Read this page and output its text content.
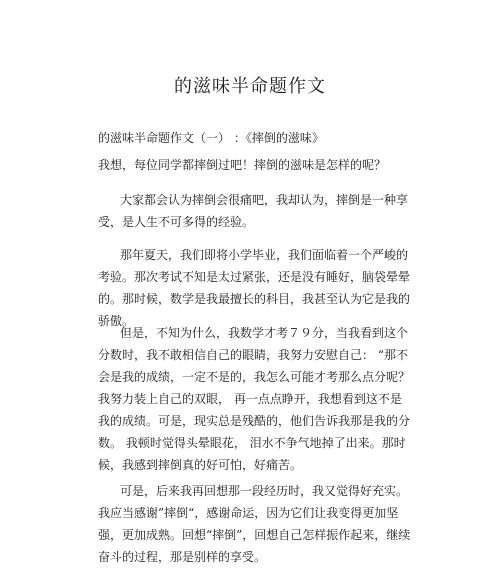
的滋味半命题作文
的滋味半命题作文（一） ：《摔倒的滋味》
我想，每位同学都摔倒过吧！摔倒的滋味是怎样的呢？
大家都会认为摔倒会很痛吧，我却认为，摔倒是一种享受，是人生不可多得的经验。
那年夏天，我们即将小学毕业，我们面临着一个严峻的考验。那次考试不知是太过紧张，还是没有睡好，脑袋晕晕的。那时候，数学是我最擅长的科目，我甚至认为它是我的骄傲。
但是，不知为什么，我数学才考７９分，当我看到这个分数时，我不敢相信自己的眼睛，我努力安慰自己： “那不会是我的成绩，一定不是的，我怎么可能才考那么点分呢？我努力装上自己的双眼， 再一点点睁开，我想看到这不是我的成绩。可是，现实总是残酷的，他们告诉我那是我的分数。 我顿时觉得头晕眼花， 泪水不争气地掉了出来。那时候，我感到摔倒真的好可怕，好痛苦。
可是，后来我再回想那一段经历时，我又觉得好充实。我应当感谢”摔倒“，感谢命运，因为它们让我变得更加坚强，更加成熟。回想“摔倒”，回想自己怎样振作起来，继续奋斗的过程，那是别样的享受。
